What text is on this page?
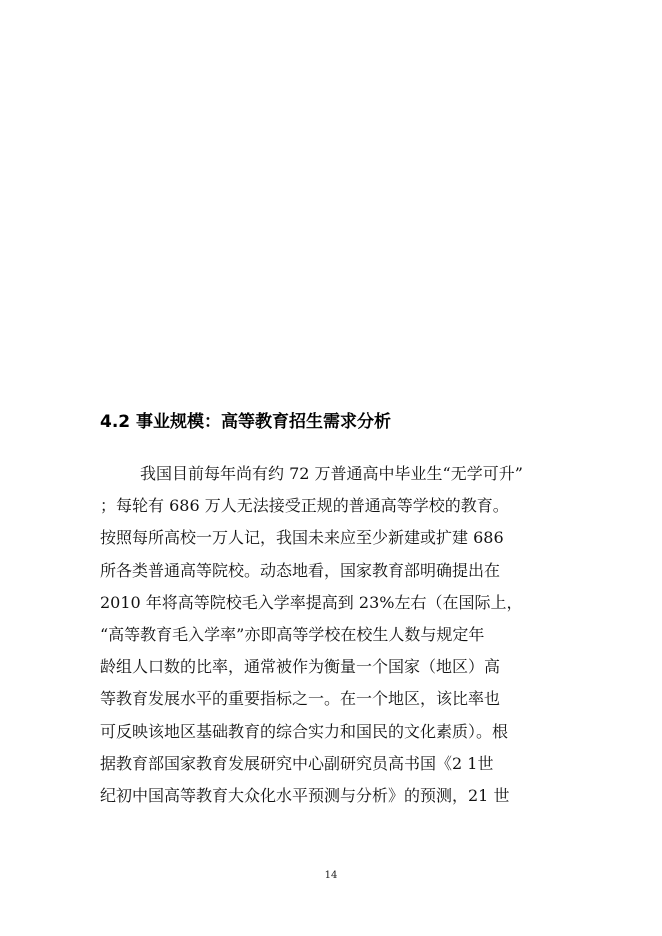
4.2 事业规模：高等教育招生需求分析
我国目前每年尚有约 72 万普通高中毕业生“无学可升”
；每轮有 686 万人无法接受正规的普通高等学校的教育。
按照每所高校一万人记，我国未来应至少新建或扩建 686
所各类普通高等院校。动态地看，国家教育部明确提出在
2010 年将高等院校毛入学率提高到 23%左右（在国际上，
“高等教育毛入学率”亦即高等学校在校生人数与规定年
龄组人口数的比率，通常被作为衡量一个国家（地区）高
等教育发展水平的重要指标之一。在一个地区，该比率也
可反映该地区基础教育的综合实力和国民的文化素质）。根
据教育部国家教育发展研究中心副研究员高书国《2 1世
纪初中国高等教育大众化水平预测与分析》的预测，21 世
14
